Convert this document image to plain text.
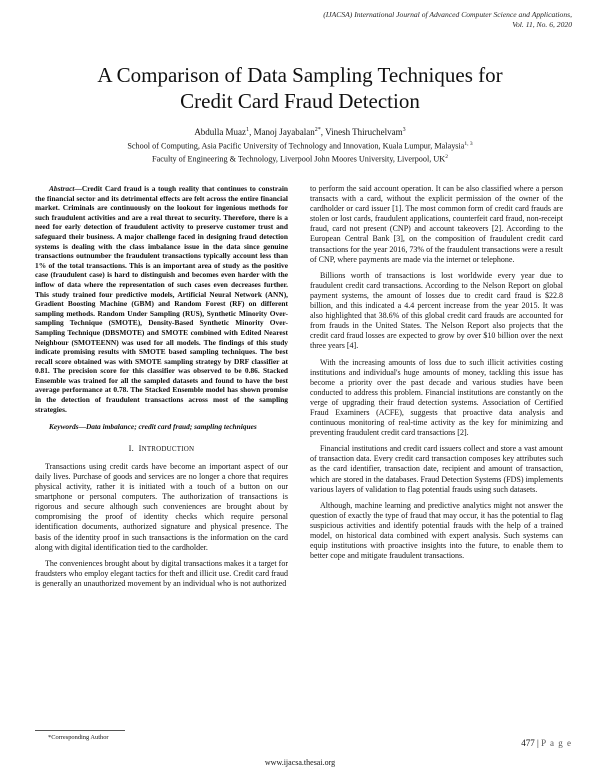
(IJACSA) International Journal of Advanced Computer Science and Applications,
Vol. 11, No. 6, 2020
A Comparison of Data Sampling Techniques for
Credit Card Fraud Detection
Abdulla Muaz$^1$, Manoj Jayabalan$^{2*}$, Vinesh Thiruchelvam$^3$
School of Computing, Asia Pacific University of Technology and Innovation, Kuala Lumpur, Malaysia$^{1, 3}$
Faculty of Engineering & Technology, Liverpool John Moores University, Liverpool, $UK^2$

Abstract—Credit Card fraud is a tough reality that continues to constrain the financial sector and its detrimental effects are felt across the entire financial market. Criminals are continuously on the lookout for ingenious methods for such fraudulent activities and are a real threat to security. Therefore, there is a need for early detection of fraudulent activity to preserve customer trust and safeguard their business. A major challenge faced in designing fraud detection systems is dealing with the class imbalance issue in the data since genuine transactions outnumber the fraudulent transactions typically account less than 1% of the total transactions. This is an important area of study as the positive case (fraudulent case) is hard to distinguish and becomes even harder with the inflow of data where the representation of such cases even decreases further. This study trained four predictive models, Artificial Neural Network (ANN), Gradient Boosting Machine (GBM) and Random Forest (RF) on different sampling methods. Random Under Sampling (RUS), Synthetic Minority Over-sampling Technique (SMOTE), Density-Based Synthetic Minority Over-Sampling Technique (DBSMOTE) and SMOTE combined with Edited Nearest Neighbour (SMOTEENN) was used for all models. The findings of this study indicate promising results with SMOTE based sampling techniques. The best recall score obtained was with SMOTE sampling strategy by DRF classifier at 0.81. The precision score for this classifier was observed to be 0.86. Stacked Ensemble was trained for all the sampled datasets and found to have the best average performance at 0.78. The Stacked Ensemble model has shown promise in the detection of fraudulent transactions across most of the sampling strategies.

Keywords—Data imbalance; credit card fraud; sampling techniques

I. INTRODUCTION

Transactions using credit cards have become an important aspect of our daily lives. Purchase of goods and services are no longer a chore that requires physical activity, rather it is initiated with a touch of a button on our smartphone or personal computers. The authorization of transactions is rigorous and secure although such conveniences are brought about by compromising the proof of identity checks which require personal identification documents, authorized signature and physical presence. The basis of the identity proof in such transactions is the information on the card along with digital identification tied to the cardholder.

The conveniences brought about by digital transactions makes it a target for fraudsters who employ elegant tactics for theft and illicit use. Credit card fraud is generally an unauthorized movement by an individual who is not authorized

to perform the said account operation. It can be also classified where a person transacts with a card, without the explicit permission of the owner of the cardholder or card issuer [1]. The most common form of credit card frauds are stolen or lost cards, fraudulent applications, counterfeit card fraud, non-receipt fraud, card not present (CNP) and account takeovers [2]. According to the European Central Bank [3], on the composition of fraudulent credit card transactions for the year 2016, 73% of the fraudulent transactions were a result of CNP, where payments are made via the internet or telephone.

Billions worth of transactions is lost worldwide every year due to fraudulent credit card transactions. According to the Nelson Report on global payment systems, the amount of losses due to credit card fraud is $22.8 billion, and this indicated a 4.4 percent increase from the year 2015. It was also highlighted that 38.6% of this global credit card frauds are accounted for from frauds in the United States. The Nelson Report also projects that the credit card fraud losses are expected to grow by over $10 billion over the next three years [4].

With the increasing amounts of loss due to such illicit activities costing institutions and individual's huge amounts of money, tackling this issue has become a priority over the past decade and various studies have been conducted to address this problem. Financial institutions are constantly on the verge of upgrading their fraud detection systems. Association of Certified Fraud Examiners (ACFE), suggests that proactive data analysis and continuous monitoring of real-time activity as the key for minimizing and preventing fraudulent credit card transactions [2].

Financial institutions and credit card issuers collect and store a vast amount of transaction data. Every credit card transaction composes key attributes such as the card identifier, transaction date, recipient and amount of transaction, which are stored in the databases. Fraud Detection Systems (FDS) implements various layers of validation to flag potential frauds using such datasets.

Although, machine learning and predictive analytics might not answer the question of exactly the type of fraud that may occur, it has the potential to flag suspicious activities and identify potential frauds with the help of a trained model, on historical data combined with expert analysis. Such systems can equip institutions with proactive insights into the future, to enable them to better cope and mitigate fraudulent transactions.

*Corresponding Author
477 | P a g e
www.ijacsa.thesai.org
